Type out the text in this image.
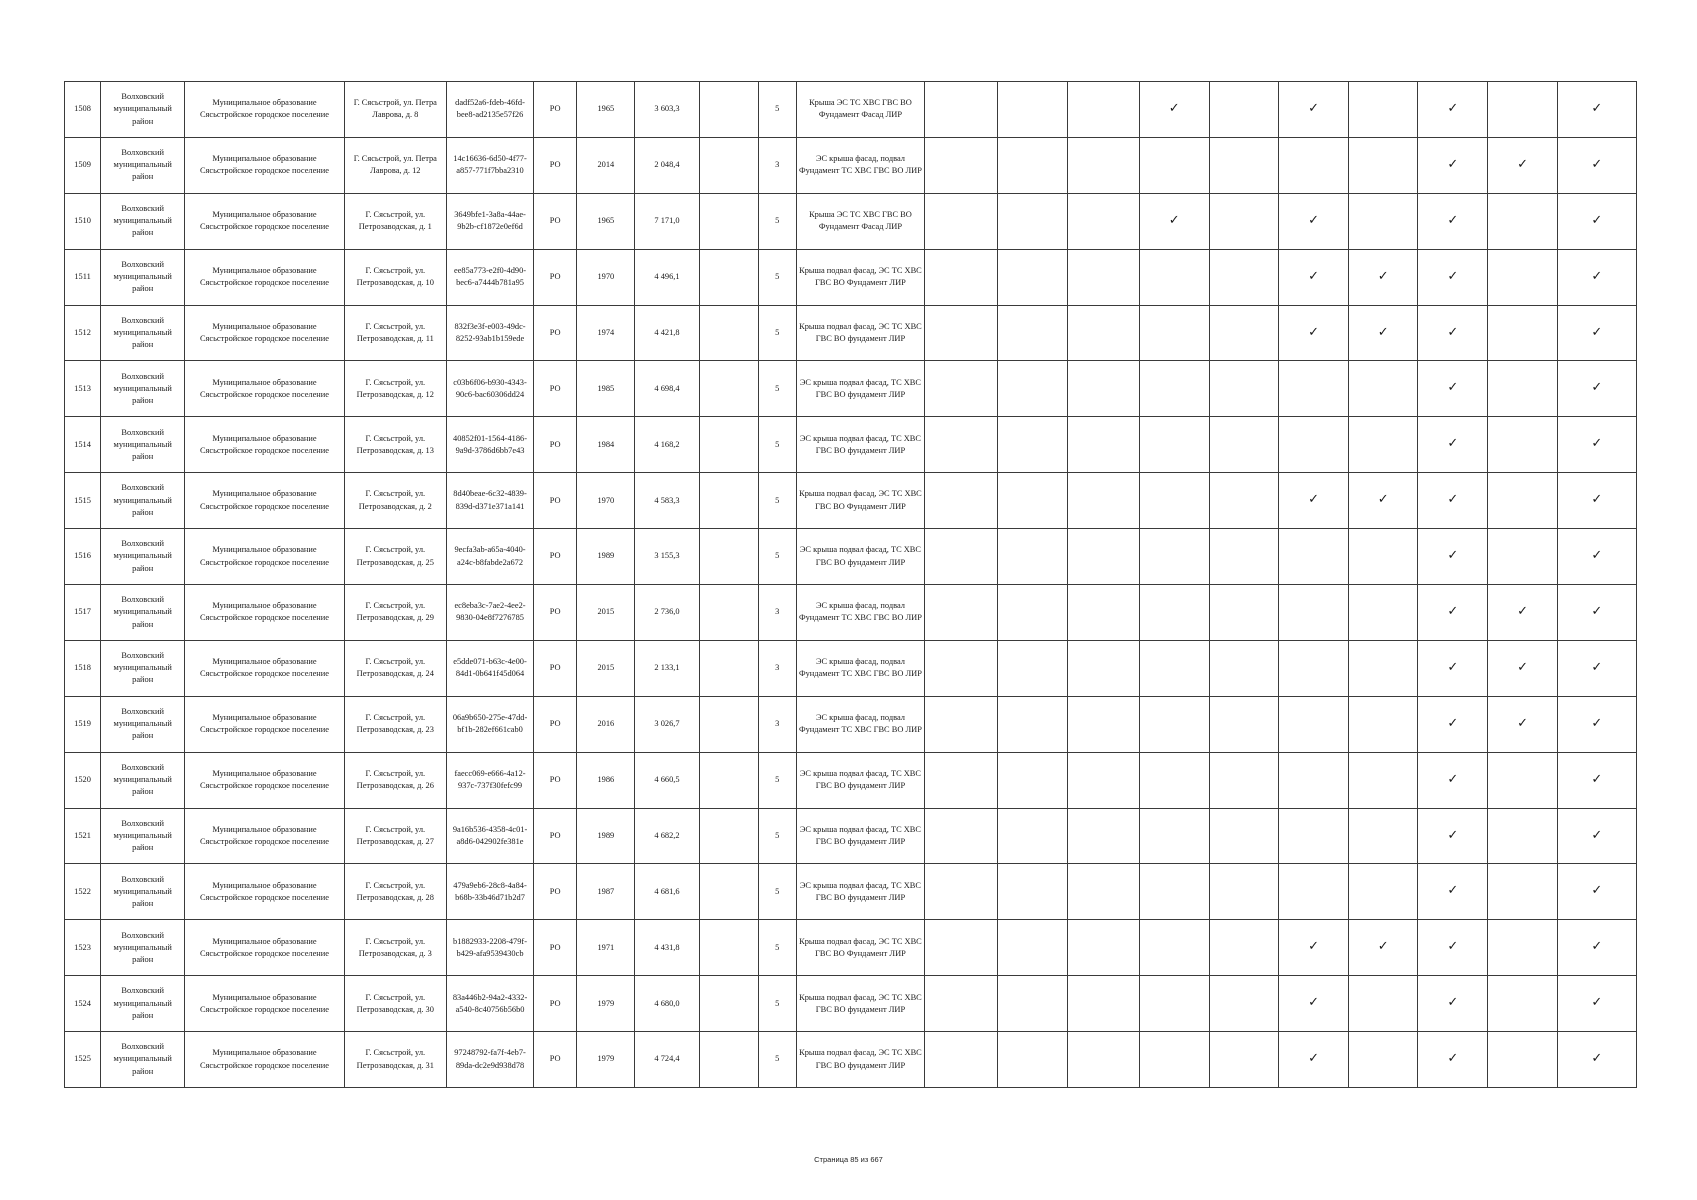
1508	Волховский муниципальный район	Муниципальное образование Сясьстройское городское поселение	Г. Сясьстрой, ул. Петра Лаврова, д. 8	dadf52a6-fdeb-46fd-bee8-ad2135e57f26	РО	1965	3 603,3		5	Крыша ЭС ТС ХВС ГВС ВО Фундамент Фасад ЛИР				✓		✓		✓		✓
1509	Волховский муниципальный район	Муниципальное образование Сясьстройское городское поселение	Г. Сясьстрой, ул. Петра Лаврова, д. 12	14c16636-6d50-4f77-a857-771f7bba2310	РО	2014	2 048,4		3	ЭС крыша фасад, подвал Фундамент ТС ХВС ГВС ВО ЛИР								✓	✓	✓
1510	Волховский муниципальный район	Муниципальное образование Сясьстройское городское поселение	Г. Сясьстрой, ул. Петрозаводская, д. 1	3649bfe1-3a8a-44ae-9b2b-cf1872e0ef6d	РО	1965	7 171,0		5	Крыша ЭС ТС ХВС ГВС ВО Фундамент Фасад ЛИР				✓		✓		✓		✓
1511	Волховский муниципальный район	Муниципальное образование Сясьстройское городское поселение	Г. Сясьстрой, ул. Петрозаводская, д. 10	ee85a773-e2f0-4d90-bec6-a7444b781a95	РО	1970	4 496,1		5	Крыша подвал фасад, ЭС ТС ХВС ГВС ВО Фундамент ЛИР						✓	✓	✓		✓
1512	Волховский муниципальный район	Муниципальное образование Сясьстройское городское поселение	Г. Сясьстрой, ул. Петрозаводская, д. 11	832f3e3f-e003-49dc-8252-93ab1b159ede	РО	1974	4 421,8		5	Крыша подвал фасад, ЭС ТС ХВС ГВС ВО фундамент ЛИР						✓	✓	✓		✓
1513	Волховский муниципальный район	Муниципальное образование Сясьстройское городское поселение	Г. Сясьстрой, ул. Петрозаводская, д. 12	c03b6f06-b930-4343-90c6-bac60306dd24	РО	1985	4 698,4		5	ЭС крыша подвал фасад, ТС ХВС ГВС ВО фундамент ЛИР								✓		✓
1514	Волховский муниципальный район	Муниципальное образование Сясьстройское городское поселение	Г. Сясьстрой, ул. Петрозаводская, д. 13	40852f01-1564-4186-9a9d-3786d6bb7e43	РО	1984	4 168,2		5	ЭС крыша подвал фасад, ТС ХВС ГВС ВО фундамент ЛИР								✓		✓
1515	Волховский муниципальный район	Муниципальное образование Сясьстройское городское поселение	Г. Сясьстрой, ул. Петрозаводская, д. 2	8d40beae-6c32-4839-839d-d371e371a141	РО	1970	4 583,3		5	Крыша подвал фасад, ЭС ТС ХВС ГВС ВО Фундамент ЛИР						✓	✓	✓		✓
1516	Волховский муниципальный район	Муниципальное образование Сясьстройское городское поселение	Г. Сясьстрой, ул. Петрозаводская, д. 25	9ecfa3ab-a65a-4040-a24c-b8fabde2a672	РО	1989	3 155,3		5	ЭС крыша подвал фасад, ТС ХВС ГВС ВО фундамент ЛИР								✓		✓
1517	Волховский муниципальный район	Муниципальное образование Сясьстройское городское поселение	Г. Сясьстрой, ул. Петрозаводская, д. 29	ec8eba3c-7ae2-4ee2-9830-04e8f7276785	РО	2015	2 736,0		3	ЭС крыша фасад, подвал Фундамент ТС ХВС ГВС ВО ЛИР								✓	✓	✓
1518	Волховский муниципальный район	Муниципальное образование Сясьстройское городское поселение	Г. Сясьстрой, ул. Петрозаводская, д. 24	e5dde071-b63c-4e00-84d1-0b641f45d064	РО	2015	2 133,1		3	ЭС крыша фасад, подвал Фундамент ТС ХВС ГВС ВО ЛИР								✓	✓	✓
1519	Волховский муниципальный район	Муниципальное образование Сясьстройское городское поселение	Г. Сясьстрой, ул. Петрозаводская, д. 23	06a9b650-275e-47dd-bf1b-282ef661cab0	РО	2016	3 026,7		3	ЭС крыша фасад, подвал Фундамент ТС ХВС ГВС ВО ЛИР								✓	✓	✓
1520	Волховский муниципальный район	Муниципальное образование Сясьстройское городское поселение	Г. Сясьстрой, ул. Петрозаводская, д. 26	faecc069-e666-4a12-937c-737f30fefc99	РО	1986	4 660,5		5	ЭС крыша подвал фасад, ТС ХВС ГВС ВО фундамент ЛИР								✓		✓
1521	Волховский муниципальный район	Муниципальное образование Сясьстройское городское поселение	Г. Сясьстрой, ул. Петрозаводская, д. 27	9a16b536-4358-4c01-a8d6-042902fe381e	РО	1989	4 682,2		5	ЭС крыша подвал фасад, ТС ХВС ГВС ВО фундамент ЛИР								✓		✓
1522	Волховский муниципальный район	Муниципальное образование Сясьстройское городское поселение	Г. Сясьстрой, ул. Петрозаводская, д. 28	479a9eb6-28c8-4a84-b68b-33b46d71b2d7	РО	1987	4 681,6		5	ЭС крыша подвал фасад, ТС ХВС ГВС ВО фундамент ЛИР								✓		✓
1523	Волховский муниципальный район	Муниципальное образование Сясьстройское городское поселение	Г. Сясьстрой, ул. Петрозаводская, д. 3	b1882933-2208-479f-b429-afa9539430cb	РО	1971	4 431,8		5	Крыша подвал фасад, ЭС ТС ХВС ГВС ВО Фундамент ЛИР						✓	✓	✓		✓
1524	Волховский муниципальный район	Муниципальное образование Сясьстройское городское поселение	Г. Сясьстрой, ул. Петрозаводская, д. 30	83a446b2-94a2-4332-a540-8c40756b56b0	РО	1979	4 680,0		5	Крыша подвал фасад, ЭС ТС ХВС ГВС ВО фундамент ЛИР						✓		✓		✓
1525	Волховский муниципальный район	Муниципальное образование Сясьстройское городское поселение	Г. Сясьстрой, ул. Петрозаводская, д. 31	97248792-fa7f-4eb7-89da-dc2e9d938d78	РО	1979	4 724,4		5	Крыша подвал фасад, ЭС ТС ХВС ГВС ВО фундамент ЛИР						✓		✓		✓
Страница 85 из 667
